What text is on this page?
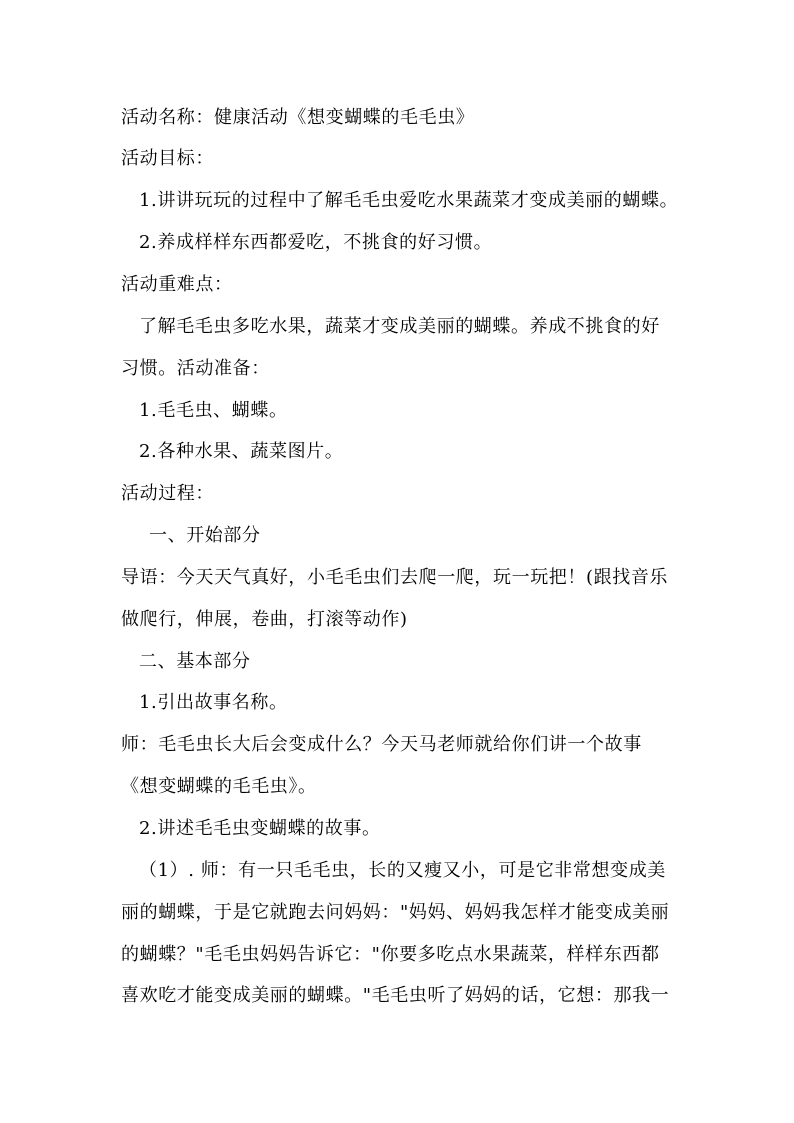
活动名称：健康活动《想变蝴蝶的毛毛虫》
活动目标：
1.讲讲玩玩的过程中了解毛毛虫爱吃水果蔬菜才变成美丽的蝴蝶。
2.养成样样东西都爱吃，不挑食的好习惯。
活动重难点：
了解毛毛虫多吃水果，蔬菜才变成美丽的蝴蝶。养成不挑食的好
习惯。活动准备：
1.毛毛虫、蝴蝶。
2.各种水果、蔬菜图片。
活动过程：
一、开始部分
导语：今天天气真好，小毛毛虫们去爬一爬，玩一玩把！(跟找音乐
做爬行，伸展，卷曲，打滚等动作)
二、基本部分
1.引出故事名称。
师：毛毛虫长大后会变成什么？今天马老师就给你们讲一个故事
《想变蝴蝶的毛毛虫》。
2.讲述毛毛虫变蝴蝶的故事。
（1）. 师：有一只毛毛虫，长的又瘦又小，可是它非常想变成美
丽的蝴蝶，于是它就跑去问妈妈："妈妈、妈妈我怎样才能变成美丽
的蝴蝶？"毛毛虫妈妈告诉它："你要多吃点水果蔬菜，样样东西都
喜欢吃才能变成美丽的蝴蝶。"毛毛虫听了妈妈的话，它想：那我一
